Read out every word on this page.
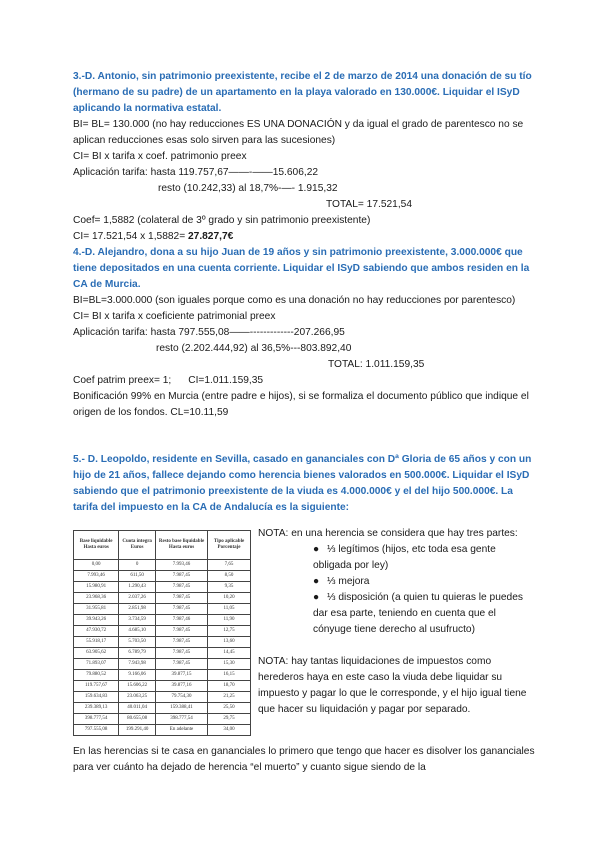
3.-D. Antonio, sin patrimonio preexistente, recibe el 2 de marzo de 2014 una donación de su tío (hermano de su padre) de un apartamento en la playa valorado en 130.000€. Liquidar el ISyD aplicando la normativa estatal.
BI= BL= 130.000 (no hay reducciones ES UNA DONACIÓN y da igual el grado de parentesco no se aplican reducciones esas solo sirven para las sucesiones)
CI= BI x tarifa x coef. patrimonio preex
Aplicación tarifa: hasta 119.757,67——-——15.606,22
resto (10.242,33) al 18,7%-—- 1.915,32
TOTAL= 17.521,54
Coef= 1,5882 (colateral de 3º grado y sin patrimonio preexistente)
CI= 17.521,54 x 1,5882= 27.827,7€
4.-D. Alejandro, dona a su hijo Juan de 19 años y sin patrimonio preexistente, 3.000.000€ que tiene depositados en una cuenta corriente. Liquidar el ISyD sabiendo que ambos residen en la CA de Murcia.
BI=BL=3.000.000 (son iguales porque como es una donación no hay reducciones por parentesco)
CI= BI x tarifa x coeficiente patrimonial preex
Aplicación tarifa: hasta 797.555,08——-------------207.266,95
resto (2.202.444,92) al 36,5%---803.892,40
TOTAL: 1.011.159,35
Coef patrim preex= 1;      CI=1.011.159,35
Bonificación 99% en Murcia (entre padre e hijos), si se formaliza el documento público que indique el origen de los fondos. CL=10.11,59
5.- D. Leopoldo, residente en Sevilla, casado en gananciales con Dª Gloria de 65 años y con un hijo de 21 años, fallece dejando como herencia bienes valorados en 500.000€. Liquidar el ISyD sabiendo que el patrimonio preexistente de la viuda es 4.000.000€ y el del hijo 500.000€. La tarifa del impuesto en la CA de Andalucía es la siguiente:
Base liquidable Hasta euros	Cuota íntegra Euros	Resto base liquidable Hasta euros	Tipo aplicable Porcentaje
0,00	0	7.993,46	7,65
7.993,46	611,50	7.987,45	8,50
15.980,91	1.290,43	7.987,45	9,35
23.968,36	2.037,26	7.987,45	10,20
31.955,81	2.851,98	7.987,45	11,05
39.943,26	3.734,59	7.987,46	11,90
47.930,72	4.685,10	7.987,45	12,75
55.918,17	5.703,50	7.987,45	13,60
63.905,62	6.789,79	7.987,45	14,45
71.893,07	7.943,98	7.987,45	15,30
79.880,52	9.166,06	39.877,15	16,15
119.757,67	15.606,22	39.877,16	18,70
159.634,83	23.063,25	79.754,30	21,25
239.389,13	40.011,04	159.388,41	25,50
398.777,54	80.655,08	398.777,54	29,75
797.555,08	199.291,40	En adelante	34,00
NOTA: en una herencia se considera que hay tres partes:
● ⅓ legítimos (hijos, etc toda esa gente obligada por ley)
● ⅓ mejora
● ⅓ disposición (a quien tu quieras le puedes dar esa parte, teniendo en cuenta que el cónyuge tiene derecho al usufructo)
NOTA: hay tantas liquidaciones de impuestos como herederos haya en este caso la viuda debe liquidar su impuesto y pagar lo que le corresponde, y el hijo igual tiene que hacer su liquidación y pagar por separado.
En las herencias si te casa en gananciales lo primero que tengo que hacer es disolver los gananciales para ver cuánto ha dejado de herencia “el muerto” y cuanto sigue siendo de la
